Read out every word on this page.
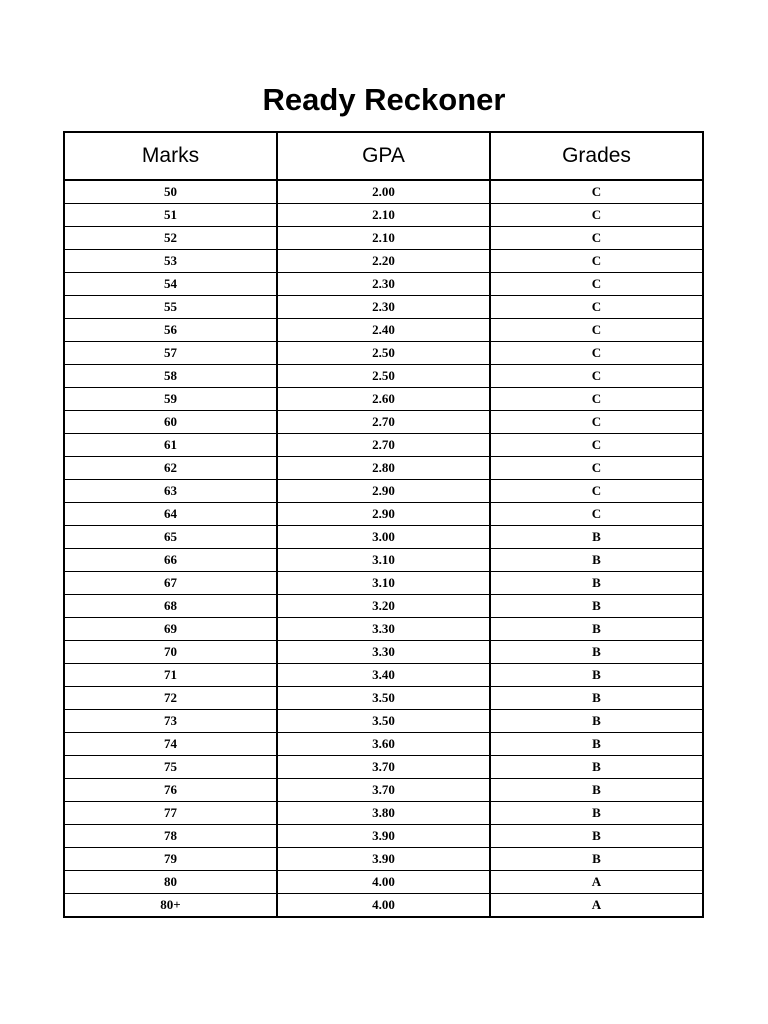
Ready Reckoner
Marks	GPA	Grades
50	2.00	C
51	2.10	C
52	2.10	C
53	2.20	C
54	2.30	C
55	2.30	C
56	2.40	C
57	2.50	C
58	2.50	C
59	2.60	C
60	2.70	C
61	2.70	C
62	2.80	C
63	2.90	C
64	2.90	C
65	3.00	B
66	3.10	B
67	3.10	B
68	3.20	B
69	3.30	B
70	3.30	B
71	3.40	B
72	3.50	B
73	3.50	B
74	3.60	B
75	3.70	B
76	3.70	B
77	3.80	B
78	3.90	B
79	3.90	B
80	4.00	A
80+	4.00	A
